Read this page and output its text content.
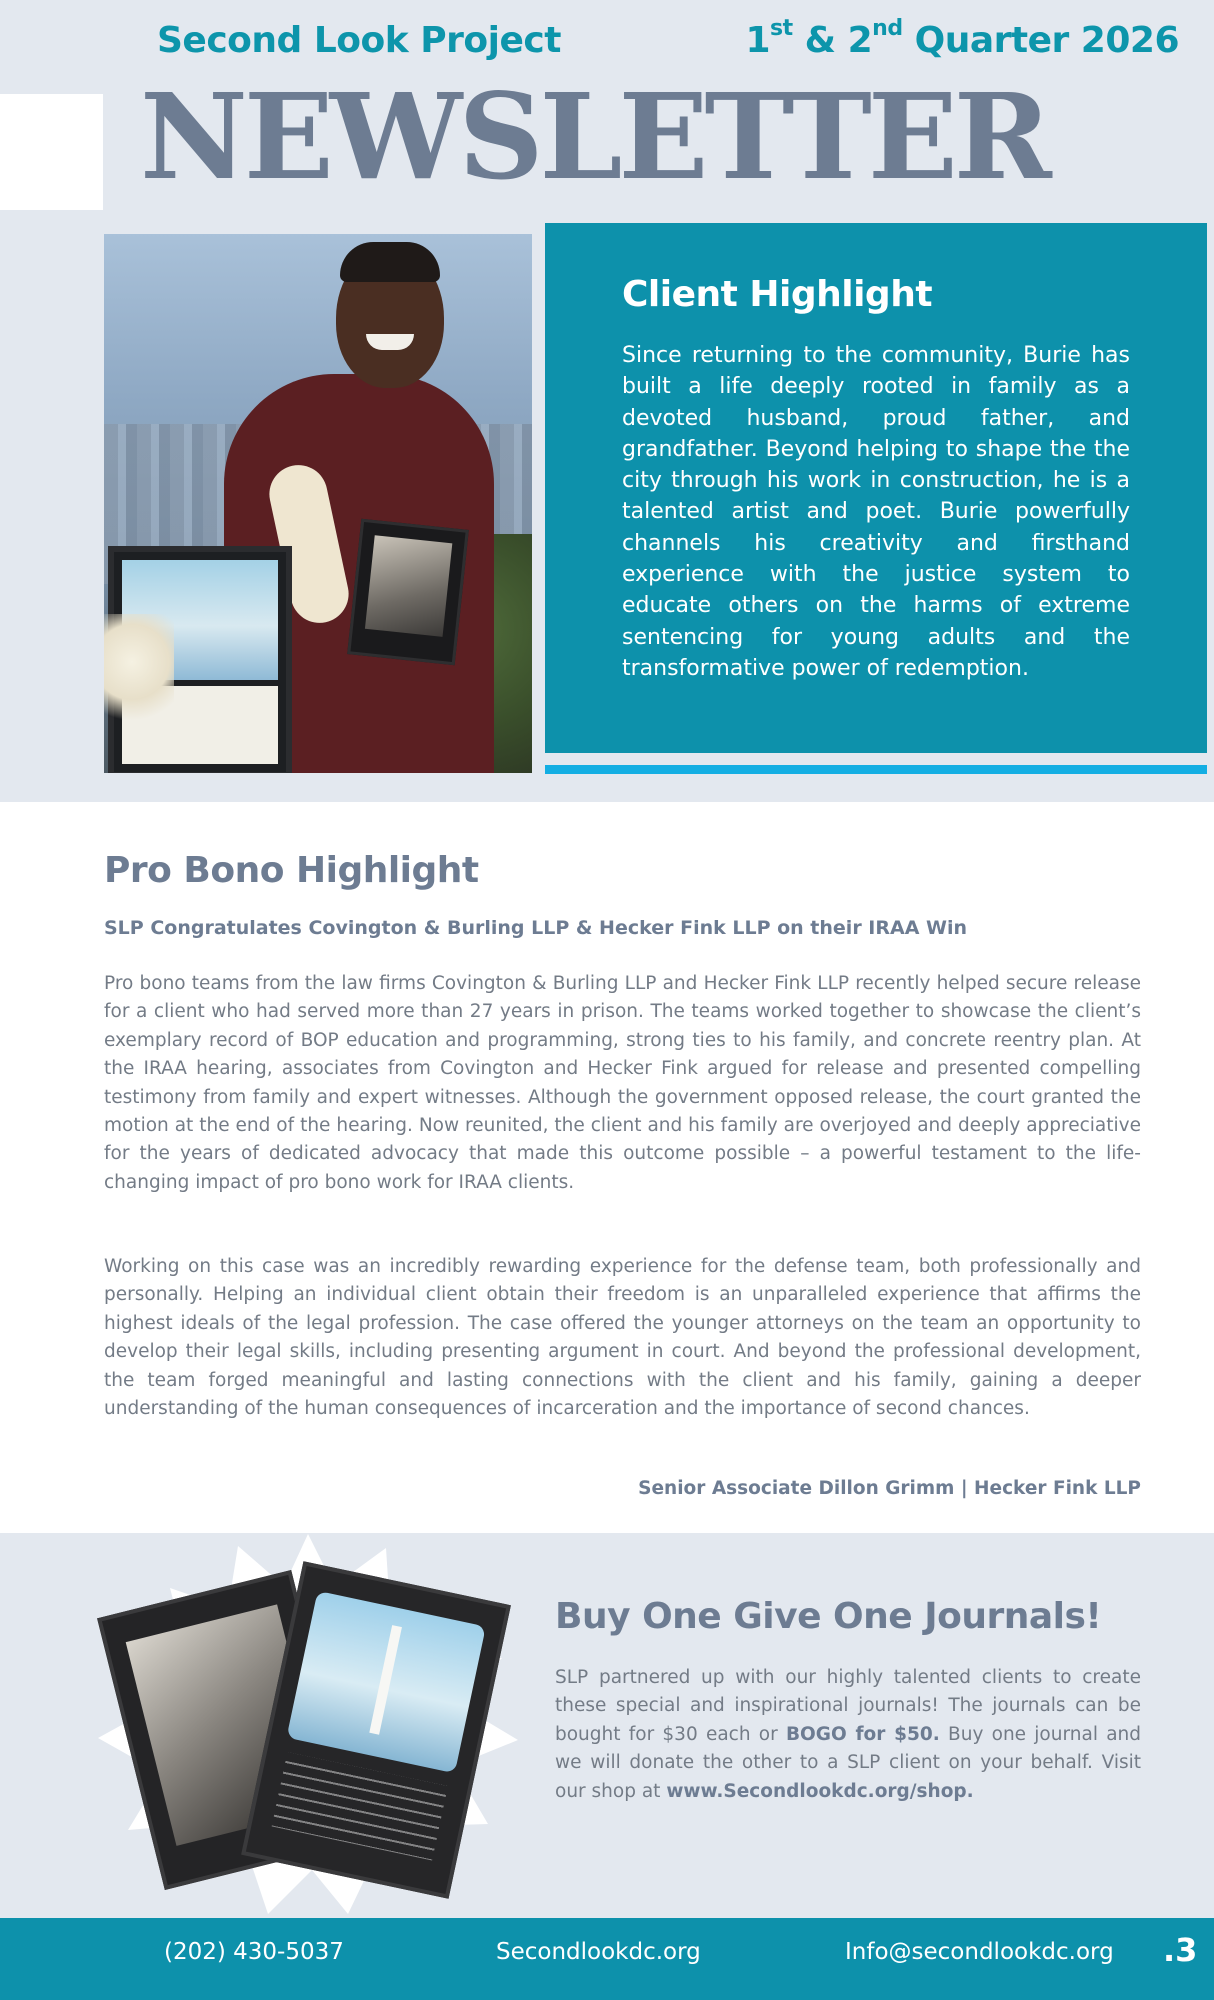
Second Look Project	1st & 2nd Quarter 2026
NEWSLETTER
Client Highlight
Since returning to the community, Burie has built a life deeply rooted in family as a devoted husband, proud father, and grandfather. Beyond helping to shape the the city through his work in construction, he is a talented artist and poet. Burie powerfully channels his creativity and firsthand experience with the justice system to educate others on the harms of extreme sentencing for young adults and the transformative power of redemption.
Pro Bono Highlight
SLP Congratulates Covington & Burling LLP & Hecker Fink LLP on their IRAA Win
Pro bono teams from the law firms Covington & Burling LLP and Hecker Fink LLP recently helped secure release for a client who had served more than 27 years in prison. The teams worked together to showcase the client’s exemplary record of BOP education and programming, strong ties to his family, and concrete reentry plan. At the IRAA hearing, associates from Covington and Hecker Fink argued for release and presented compelling testimony from family and expert witnesses. Although the government opposed release, the court granted the motion at the end of the hearing. Now reunited, the client and his family are overjoyed and deeply appreciative for the years of dedicated advocacy that made this outcome possible – a powerful testament to the life-changing impact of pro bono work for IRAA clients.
Working on this case was an incredibly rewarding experience for the defense team, both professionally and personally. Helping an individual client obtain their freedom is an unparalleled experience that affirms the highest ideals of the legal profession. The case offered the younger attorneys on the team an opportunity to develop their legal skills, including presenting argument in court. And beyond the professional development, the team forged meaningful and lasting connections with the client and his family, gaining a deeper understanding of the human consequences of incarceration and the importance of second chances.
Senior Associate Dillon Grimm | Hecker Fink LLP
Buy One Give One Journals!
SLP partnered up with our highly talented clients to create these special and inspirational journals! The journals can be bought for $30 each or BOGO for $50. Buy one journal and we will donate the other to a SLP client on your behalf. Visit our shop at www.Secondlookdc.org/shop.
(202) 430-5037	Secondlookdc.org	Info@secondlookdc.org .3
